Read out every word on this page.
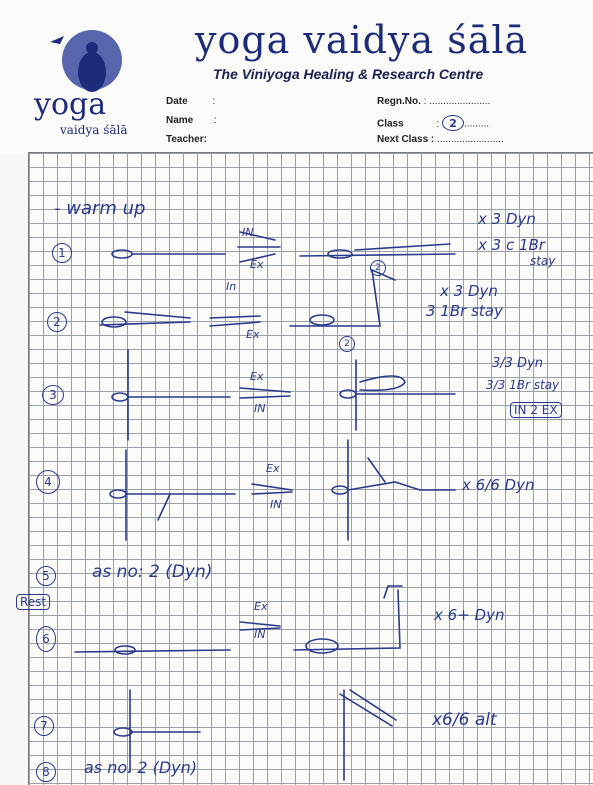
yoga
vaidya śālā
yoga vaidya śālā
The Viniyoga Healing & Research Centre
Date :
Name :
Teacher:
Regn.No. : ......................
Class	: 2 .........
Next Class : ........................
- warm up
1
IN
Ex
x 3 Dyn
x 3 c 1Br
stay
2
2
In
Ex
x 3 Dyn
3 1Br stay
2
3
Ex
IN
3/3 Dyn
3/3 1Br stay
IN 2 EX
4
Ex
IN
x 6/6 Dyn
5	as no: 2 (Dyn)
Rest
6
Ex
IN
x 6+ Dyn
7	x6/6 alt
8	as no. 2 (Dyn)
